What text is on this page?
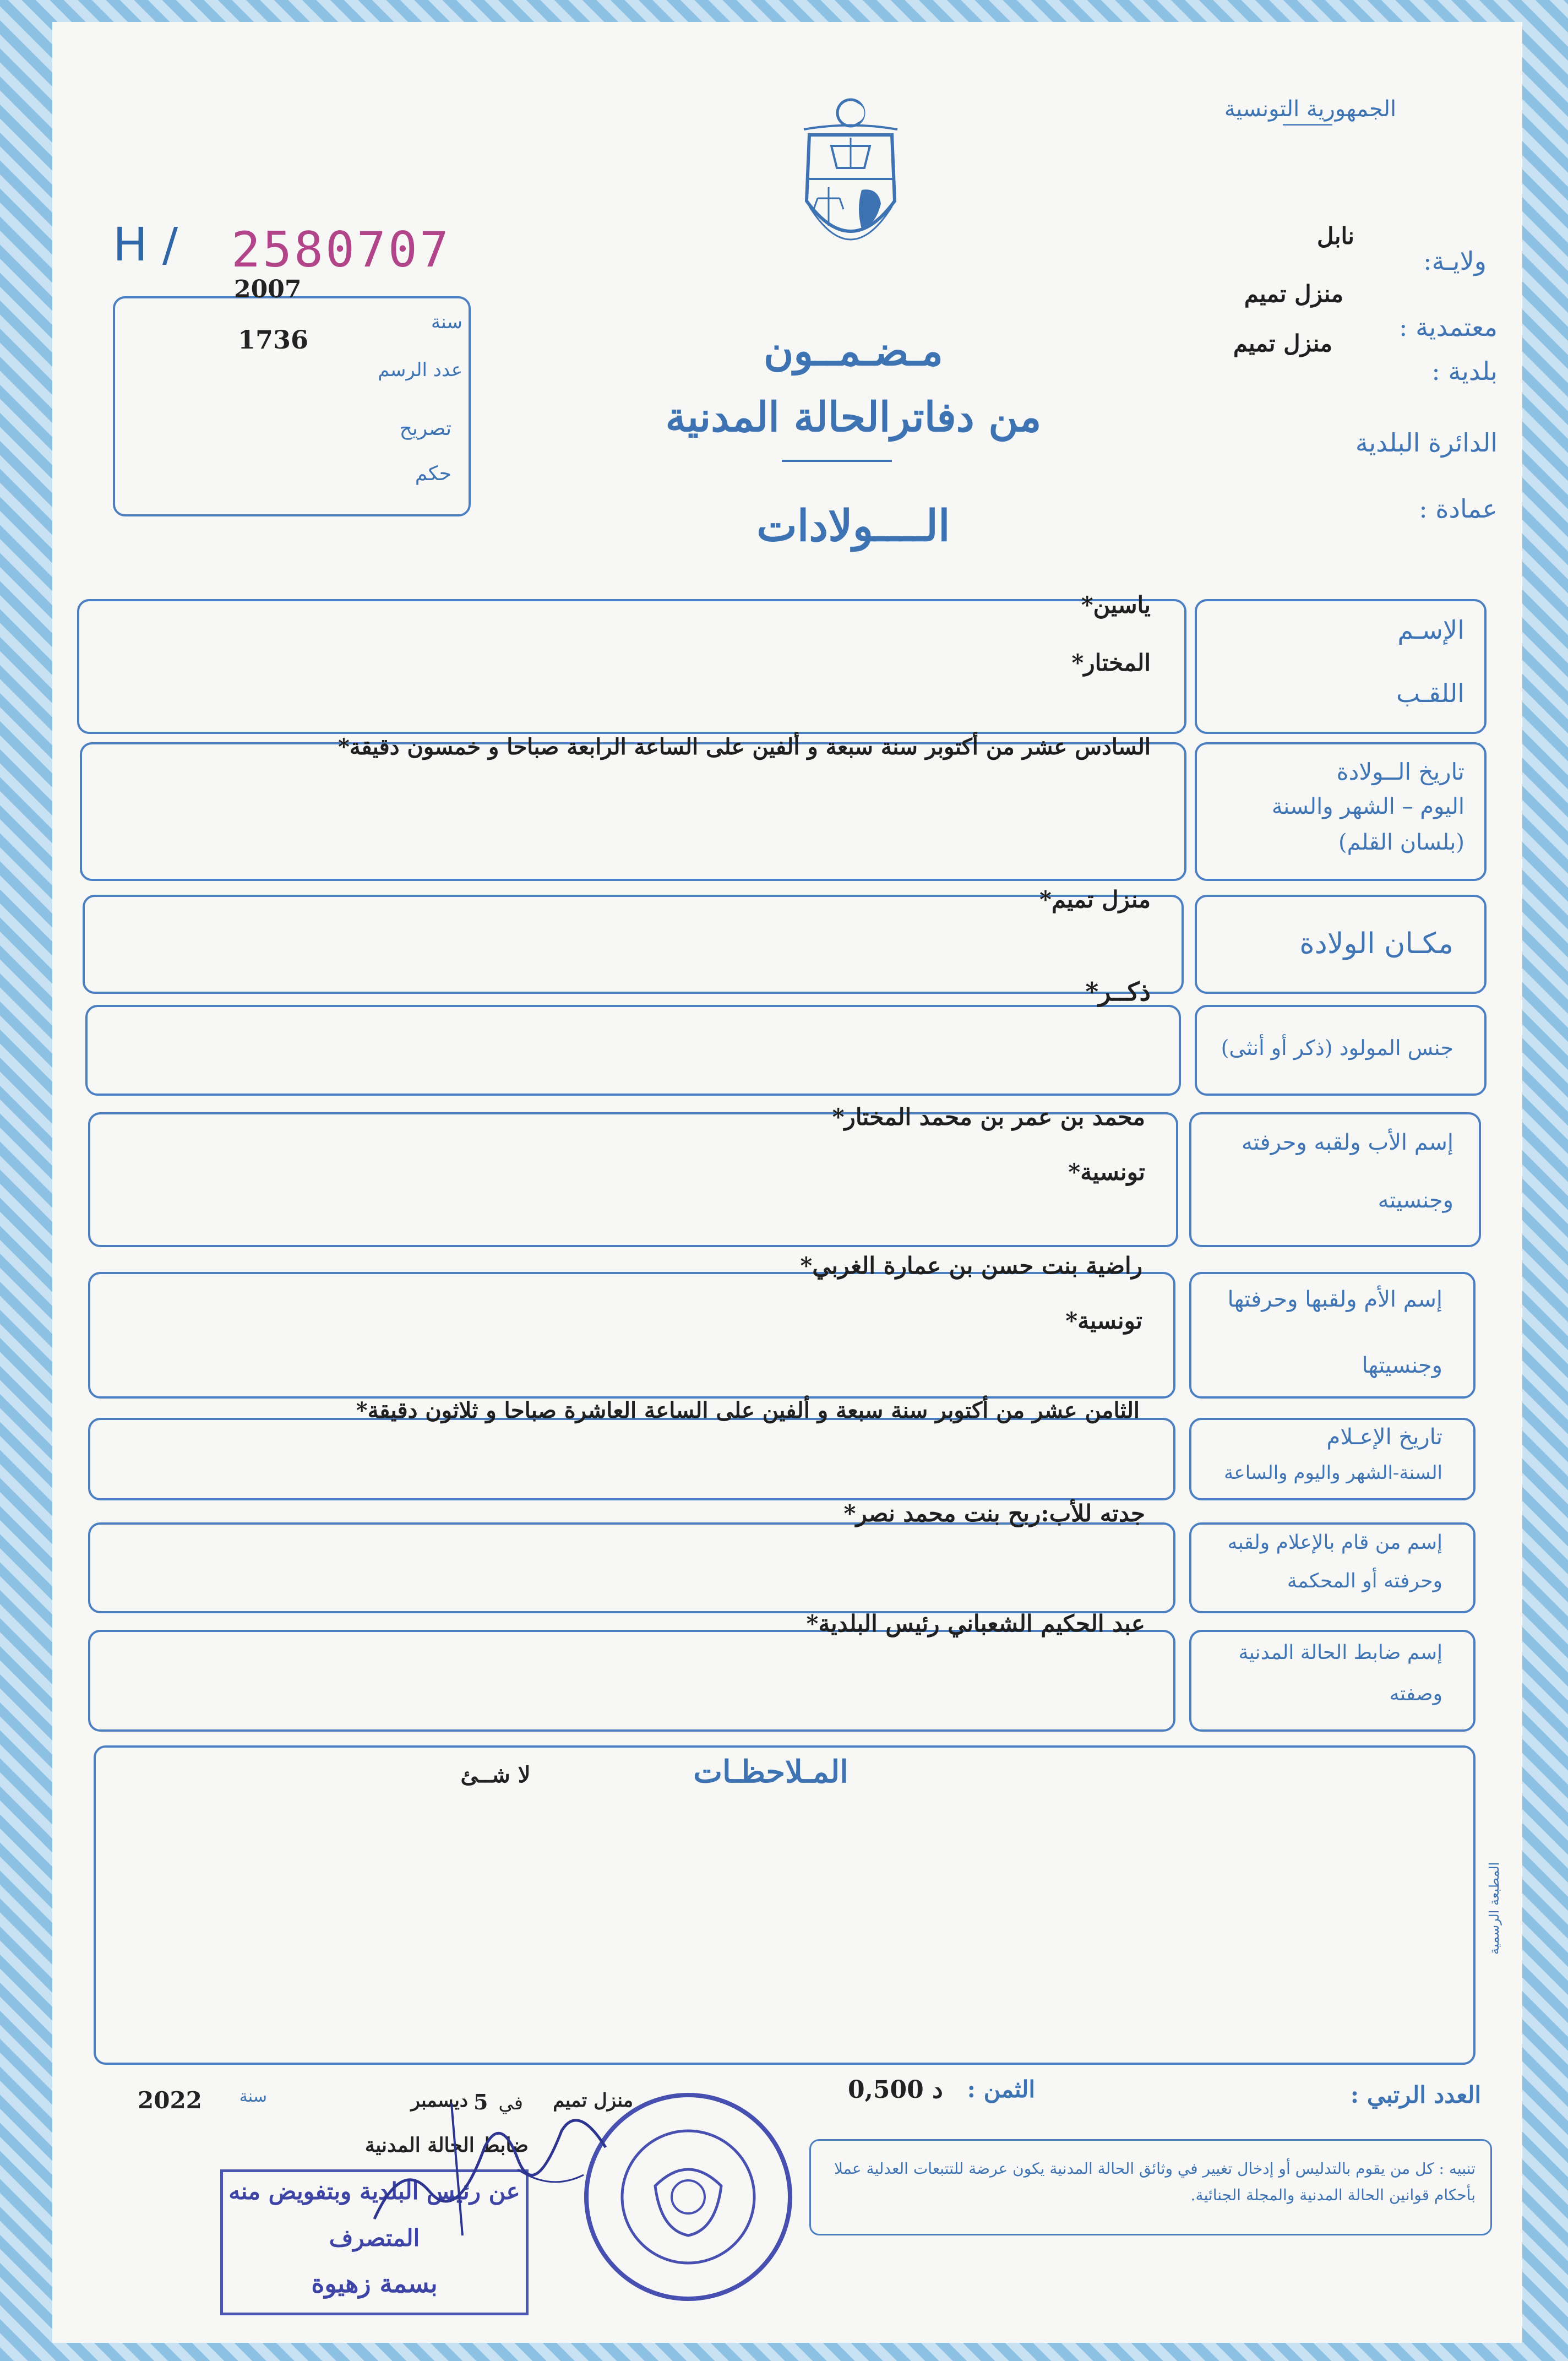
الجمهورية التونسية
ولايـة:
نابل
معتمدية :
منزل تميم
بلدية :
منزل تميم
الدائرة البلدية
عمادة :
H / 2580707
سنة
2007
عدد الرسم
1736
تصريح
حكم
مـضـمــون
من دفاترالحالة المدنية
الــــولادات
الإسـم
اللقـب
ياسين*
المختار*
تاريخ الــولادة
اليوم – الشهر والسنة
(بلسان القلم)
السادس عشر من أكتوبر سنة سبعة و ألفين على الساعة الرابعة صباحا و خمسون دقيقة*
مكـان الولادة
منزل تميم*
جنس المولود (ذكر أو أنثى)
ذكــر*
إسم الأب ولقبه وحرفته
وجنسيته
محمد بن عمر بن محمد المختار*
تونسية*
إسم الأم ولقبها وحرفتها
وجنسيتها
راضية بنت حسن بن عمارة الغربي*
تونسية*
تاريخ الإعـلام
السنة-الشهر واليوم والساعة
الثامن عشر من أكتوبر سنة سبعة و ألفين على الساعة العاشرة صباحا و ثلاثون دقيقة*
إسم من قام بالإعلام ولقبه
وحرفته أو المحكمة
جدته للأب:ربح بنت محمد نصر*
إسم ضابط الحالة المدنية
وصفته
عبد الحكيم الشعباني رئيس البلدية*
المـلاحظـات
لا شــئ
المطبعة الرسمية
العدد الرتبي :
الثمن :
0,500 د
منزل تميم
في
5
ديسمبر
سنة
2022
ضابط الحالة المدنية
تنبيه : كل من يقوم بالتدليس أو إدخال تغيير في وثائق الحالة المدنية يكون عرضة للتتبعات العدلية عملا بأحكام قوانين الحالة المدنية والمجلة الجنائية.
عن رئيس البلدية وبتفويض منه
المتصرف
بسمة زهيوة
